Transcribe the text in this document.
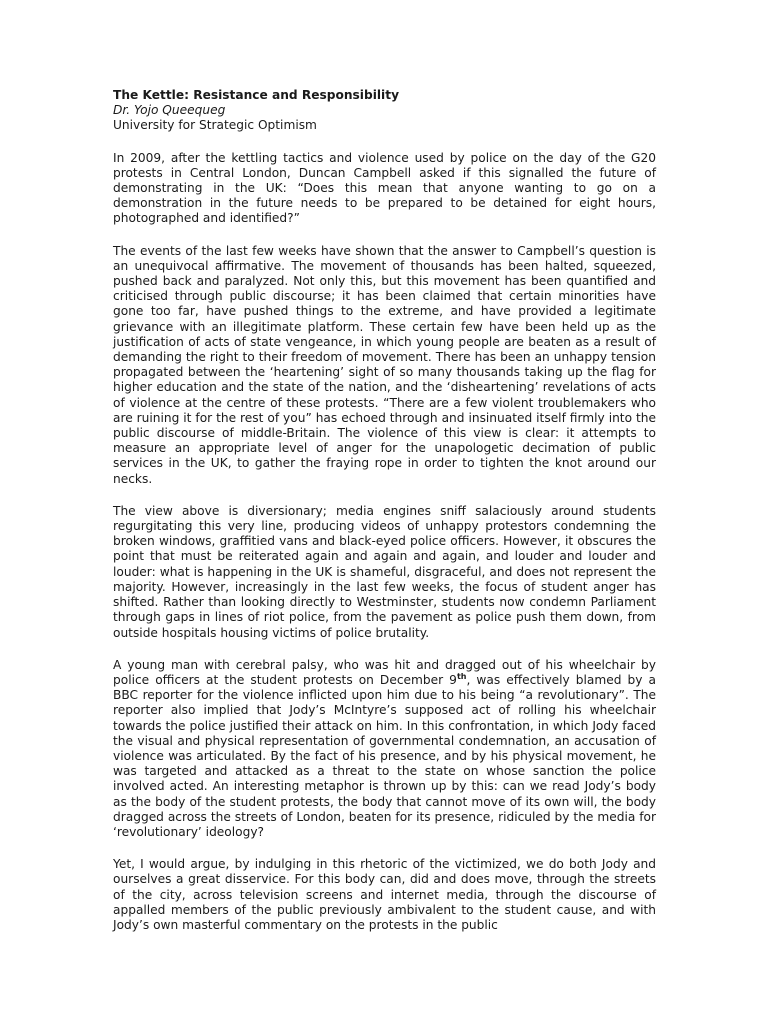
The Kettle: Resistance and Responsibility
Dr. Yojo Queequeg
University for Strategic Optimism

In 2009, after the kettling tactics and violence used by police on the day of the G20 protests in Central London, Duncan Campbell asked if this signalled the future of demonstrating in the UK: “Does this mean that anyone wanting to go on a demonstration in the future needs to be prepared to be detained for eight hours, photographed and identified?”

The events of the last few weeks have shown that the answer to Campbell’s question is an unequivocal affirmative. The movement of thousands has been halted, squeezed, pushed back and paralyzed. Not only this, but this movement has been quantified and criticised through public discourse; it has been claimed that certain minorities have gone too far, have pushed things to the extreme, and have provided a legitimate grievance with an illegitimate platform. These certain few have been held up as the justification of acts of state vengeance, in which young people are beaten as a result of demanding the right to their freedom of movement. There has been an unhappy tension propagated between the ‘heartening’ sight of so many thousands taking up the flag for higher education and the state of the nation, and the ‘disheartening’ revelations of acts of violence at the centre of these protests. “There are a few violent troublemakers who are ruining it for the rest of you” has echoed through and insinuated itself firmly into the public discourse of middle-Britain. The violence of this view is clear: it attempts to measure an appropriate level of anger for the unapologetic decimation of public services in the UK, to gather the fraying rope in order to tighten the knot around our necks.

The view above is diversionary; media engines sniff salaciously around students regurgitating this very line, producing videos of unhappy protestors condemning the broken windows, graffitied vans and black-eyed police officers. However, it obscures the point that must be reiterated again and again and again, and louder and louder and louder: what is happening in the UK is shameful, disgraceful, and does not represent the majority. However, increasingly in the last few weeks, the focus of student anger has shifted. Rather than looking directly to Westminster, students now condemn Parliament through gaps in lines of riot police, from the pavement as police push them down, from outside hospitals housing victims of police brutality.

A young man with cerebral palsy, who was hit and dragged out of his wheelchair by police officers at the student protests on December 9th, was effectively blamed by a BBC reporter for the violence inflicted upon him due to his being “a revolutionary”. The reporter also implied that Jody’s McIntyre’s supposed act of rolling his wheelchair towards the police justified their attack on him. In this confrontation, in which Jody faced the visual and physical representation of governmental condemnation, an accusation of violence was articulated. By the fact of his presence, and by his physical movement, he was targeted and attacked as a threat to the state on whose sanction the police involved acted. An interesting metaphor is thrown up by this: can we read Jody’s body as the body of the student protests, the body that cannot move of its own will, the body dragged across the streets of London, beaten for its presence, ridiculed by the media for ‘revolutionary’ ideology?

Yet, I would argue, by indulging in this rhetoric of the victimized, we do both Jody and ourselves a great disservice. For this body can, did and does move, through the streets of the city, across television screens and internet media, through the discourse of appalled members of the public previously ambivalent to the student cause, and with Jody’s own masterful commentary on the protests in the public
